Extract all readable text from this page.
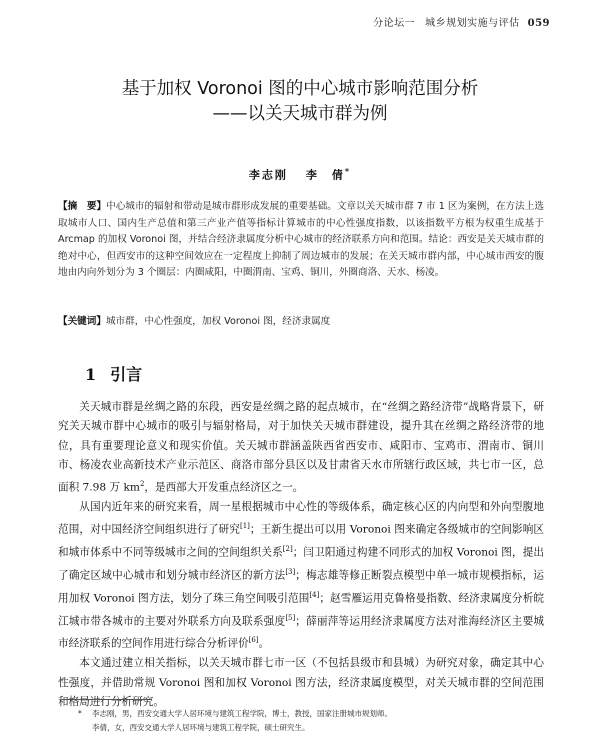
分论坛一 城乡规划实施与评估 059
基于加权 Voronoi 图的中心城市影响范围分析
——以关天城市群为例
李志刚 李　倩*
【摘　要】中心城市的辐射和带动是城市群形成发展的重要基础。文章以关天城市群 7 市 1 区为案例，在方法上选取城市人口、国内生产总值和第三产业产值等指标计算城市的中心性强度指数，以该指数平方根为权重生成基于 Arcmap 的加权 Voronoi 图，并结合经济隶属度分析中心城市的经济联系方向和范围。结论：西安是关天城市群的绝对中心，但西安市的这种空间效应在一定程度上抑制了周边城市的发展；在关天城市群内部，中心城市西安的腹地由内向外划分为 3 个圈层：内圈咸阳，中圈渭南、宝鸡、铜川，外圈商洛、天水、杨凌。
【关键词】城市群，中心性强度，加权 Voronoi 图，经济隶属度
1 引言

关天城市群是丝绸之路的东段，西安是丝绸之路的起点城市，在“丝绸之路经济带”战略背景下，研究关天城市群中心城市的吸引与辐射格局，对于加快关天城市群建设，提升其在丝绸之路经济带的地位，具有重要理论意义和现实价值。关天城市群涵盖陕西省西安市、咸阳市、宝鸡市、渭南市、铜川市、杨凌农业高新技术产业示范区、商洛市部分县区以及甘肃省天水市所辖行政区域，共七市一区，总面积 7.98 万 $km^2$，是西部大开发重点经济区之一。

从国内近年来的研究来看，周一星根据城市中心性的等级体系，确定核心区的内向型和外向型腹地范围，对中国经济空间组织进行了研究[1]；王新生提出可以用 Voronoi 图来确定各级城市的空间影响区和城市体系中不同等级城市之间的空间组织关系[2]；闫卫阳通过构建不同形式的加权 Voronoi 图，提出了确定区域中心城市和划分城市经济区的新方法[3]；梅志雄等修正断裂点模型中单一城市规模指标，运用加权 Voronoi 图方法，划分了珠三角空间吸引范围[4]；赵雪雁运用克鲁格曼指数、经济隶属度分析皖江城市带各城市的主要对外联系方向及联系强度[5]；薛丽萍等运用经济隶属度方法对淮海经济区主要城市经济联系的空间作用进行综合分析评价[6]。

本文通过建立相关指标，以关天城市群七市一区（不包括县级市和县城）为研究对象，确定其中心性强度，并借助常规 Voronoi 图和加权 Voronoi 图方法，经济隶属度模型，对关天城市群的空间范围和格局进行分析研究。

* 李志刚，男，西安交通大学人居环境与建筑工程学院，博士，教授，国家注册城市规划师。
李倩，女，西安交通大学人居环境与建筑工程学院，硕士研究生。
